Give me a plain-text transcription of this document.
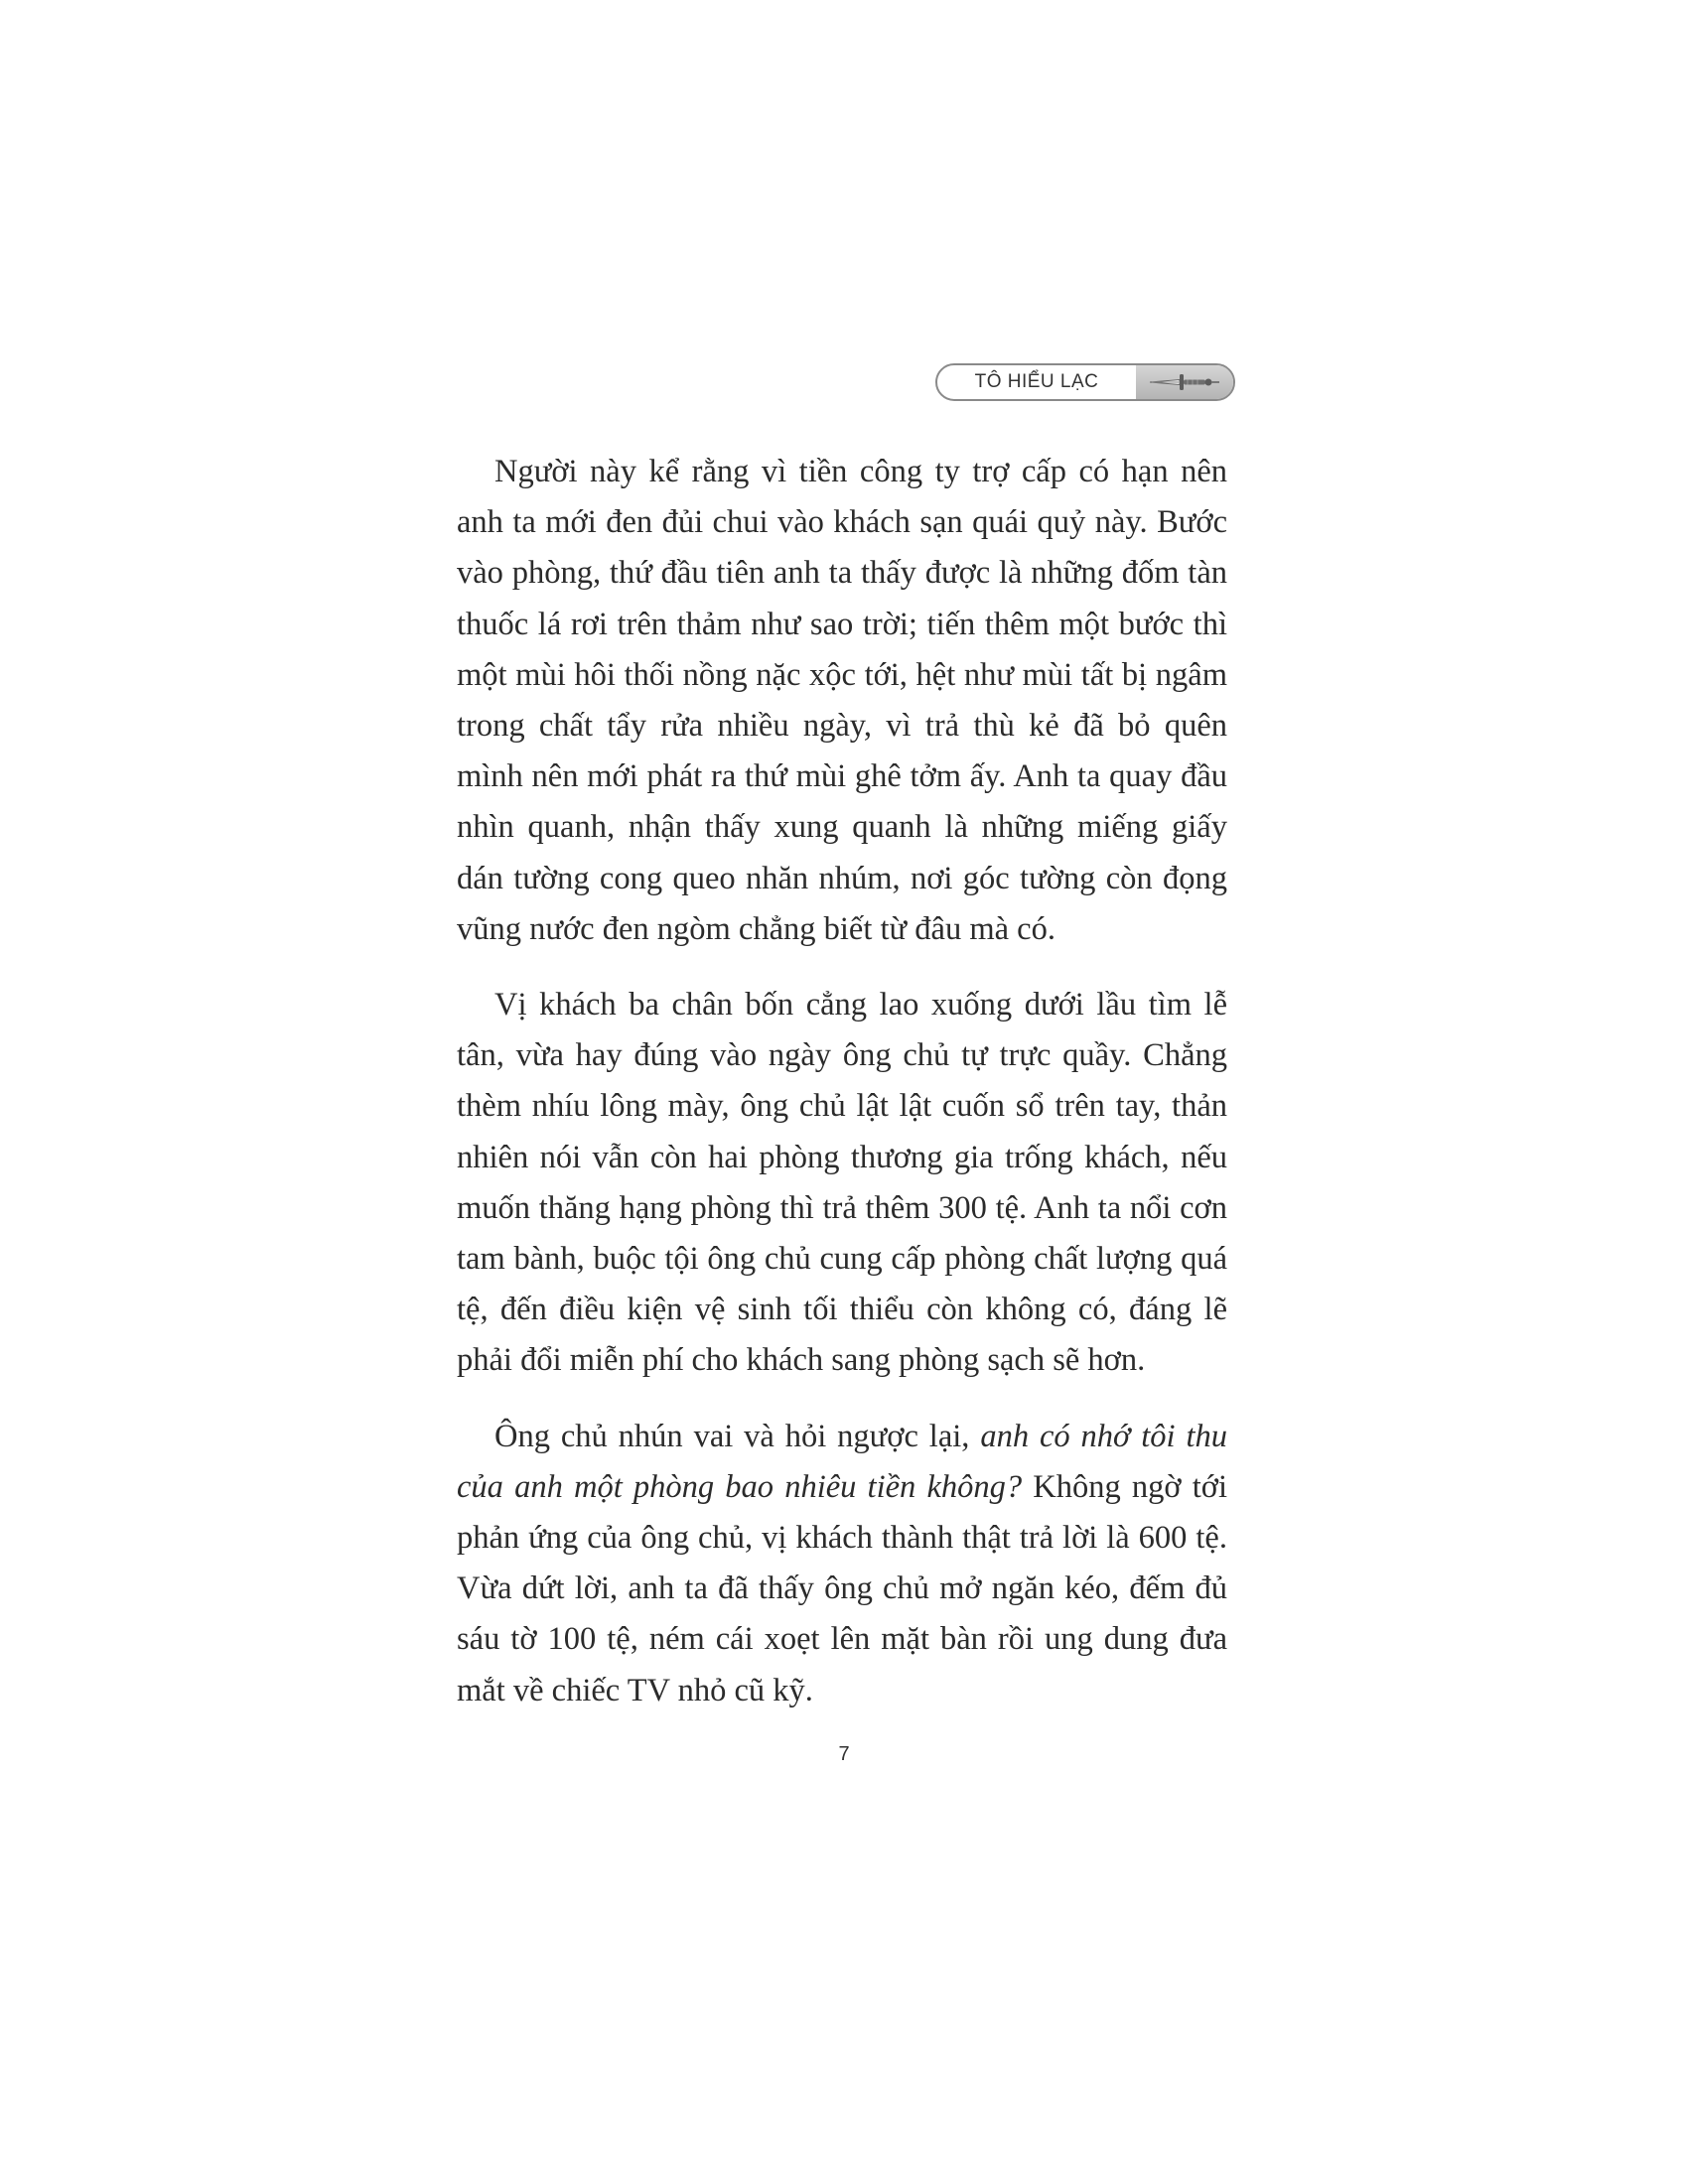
TÔ HIỂU LẠC

Người này kể rằng vì tiền công ty trợ cấp có hạn nên anh ta mới đen đủi chui vào khách sạn quái quỷ này. Bước vào phòng, thứ đầu tiên anh ta thấy được là những đốm tàn thuốc lá rơi trên thảm như sao trời; tiến thêm một bước thì một mùi hôi thối nồng nặc xộc tới, hệt như mùi tất bị ngâm trong chất tẩy rửa nhiều ngày, vì trả thù kẻ đã bỏ quên mình nên mới phát ra thứ mùi ghê tởm ấy. Anh ta quay đầu nhìn quanh, nhận thấy xung quanh là những miếng giấy dán tường cong queo nhăn nhúm, nơi góc tường còn đọng vũng nước đen ngòm chẳng biết từ đâu mà có.

Vị khách ba chân bốn cẳng lao xuống dưới lầu tìm lễ tân, vừa hay đúng vào ngày ông chủ tự trực quầy. Chẳng thèm nhíu lông mày, ông chủ lật lật cuốn sổ trên tay, thản nhiên nói vẫn còn hai phòng thương gia trống khách, nếu muốn thăng hạng phòng thì trả thêm 300 tệ. Anh ta nổi cơn tam bành, buộc tội ông chủ cung cấp phòng chất lượng quá tệ, đến điều kiện vệ sinh tối thiểu còn không có, đáng lẽ phải đổi miễn phí cho khách sang phòng sạch sẽ hơn.

Ông chủ nhún vai và hỏi ngược lại, anh có nhớ tôi thu của anh một phòng bao nhiêu tiền không? Không ngờ tới phản ứng của ông chủ, vị khách thành thật trả lời là 600 tệ. Vừa dứt lời, anh ta đã thấy ông chủ mở ngăn kéo, đếm đủ sáu tờ 100 tệ, ném cái xoẹt lên mặt bàn rồi ung dung đưa mắt về chiếc TV nhỏ cũ kỹ.

7
